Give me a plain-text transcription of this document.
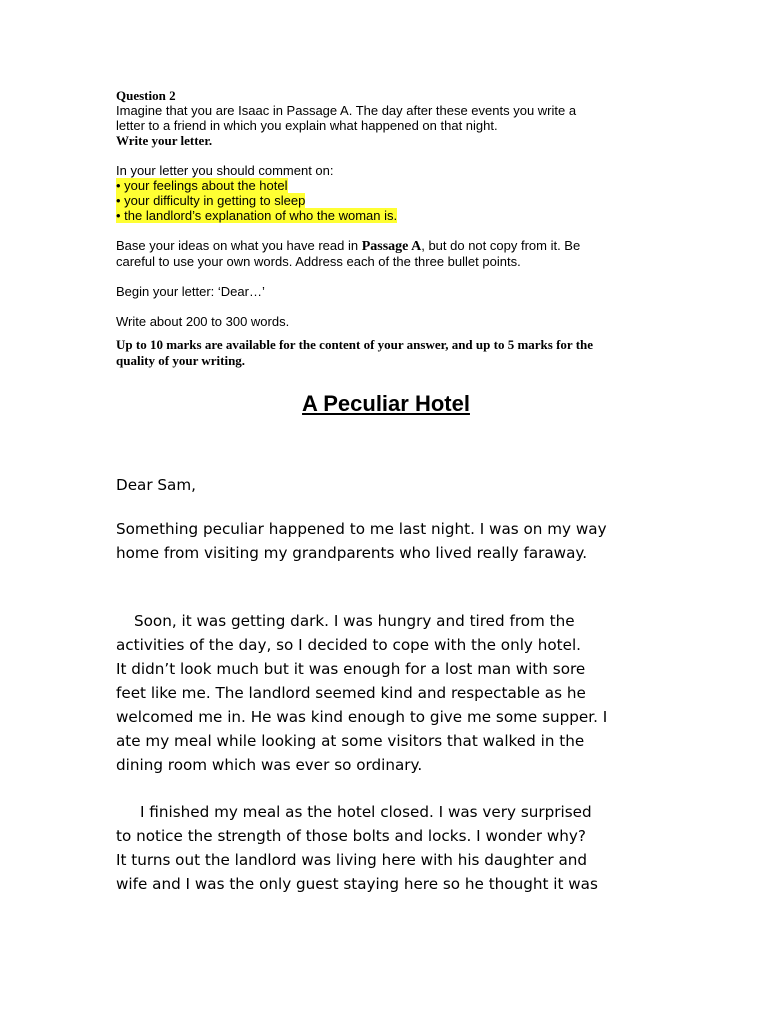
Question 2
Imagine that you are Isaac in Passage A. The day after these events you write a
letter to a friend in which you explain what happened on that night.
Write your letter.
In your letter you should comment on:
• your feelings about the hotel
• your difficulty in getting to sleep
• the landlord’s explanation of who the woman is.
Base your ideas on what you have read in Passage A, but do not copy from it. Be
careful to use your own words. Address each of the three bullet points.
Begin your letter: ‘Dear…’
Write about 200 to 300 words.
Up to 10 marks are available for the content of your answer, and up to 5 marks for the
quality of your writing.
A Peculiar Hotel

Dear Sam,

Something peculiar happened to me last night. I was on my way
home from visiting my grandparents who lived really faraway.

Soon, it was getting dark. I was hungry and tired from the
activities of the day, so I decided to cope with the only hotel.
It didn’t look much but it was enough for a lost man with sore
feet like me. The landlord seemed kind and respectable as he
welcomed me in. He was kind enough to give me some supper. I
ate my meal while looking at some visitors that walked in the
dining room which was ever so ordinary.

I finished my meal as the hotel closed. I was very surprised
to notice the strength of those bolts and locks. I wonder why?
It turns out the landlord was living here with his daughter and
wife and I was the only guest staying here so he thought it was
